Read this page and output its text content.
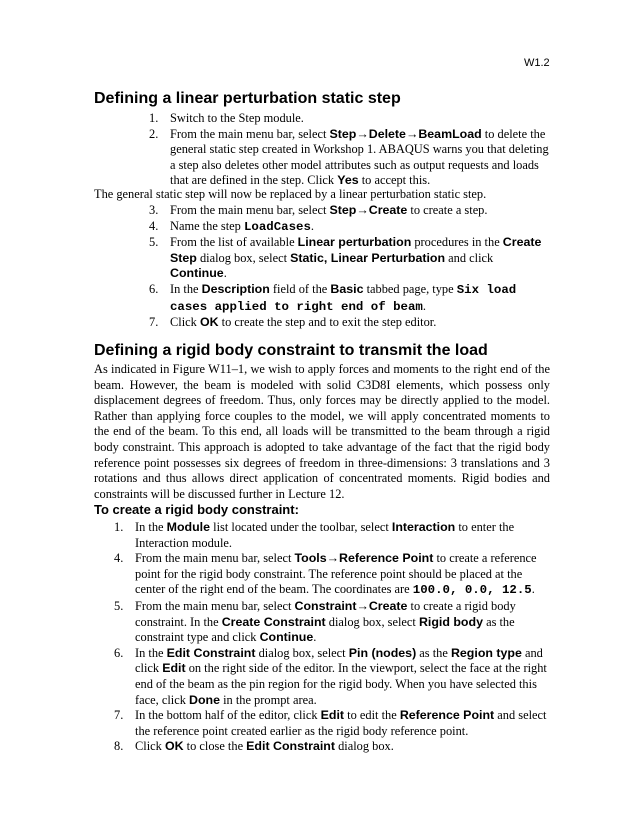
W1.2
Defining a linear perturbation static step
1. Switch to the Step module.
2. From the main menu bar, select Step→Delete→BeamLoad to delete the general static step created in Workshop 1. ABAQUS warns you that deleting a step also deletes other model attributes such as output requests and loads that are defined in the step. Click Yes to accept this.

The general static step will now be replaced by a linear perturbation static step.

3. From the main menu bar, select Step→Create to create a step.
4. Name the step LoadCases.
5. From the list of available Linear perturbation procedures in the Create Step dialog box, select Static, Linear Perturbation and click Continue.
6. In the Description field of the Basic tabbed page, type Six load cases applied to right end of beam.
7. Click OK to create the step and to exit the step editor.
Defining a rigid body constraint to transmit the load

As indicated in Figure W11–1, we wish to apply forces and moments to the right end of the beam. However, the beam is modeled with solid C3D8I elements, which possess only displacement degrees of freedom. Thus, only forces may be directly applied to the model. Rather than applying force couples to the model, we will apply concentrated moments to the end of the beam. To this end, all loads will be transmitted to the beam through a rigid body constraint. This approach is adopted to take advantage of the fact that the rigid body reference point possesses six degrees of freedom in three-dimensions: 3 translations and 3 rotations and thus allows direct application of concentrated moments. Rigid bodies and constraints will be discussed further in Lecture 12.

To create a rigid body constraint:
1. In the Module list located under the toolbar, select Interaction to enter the Interaction module.
4. From the main menu bar, select Tools→Reference Point to create a reference point for the rigid body constraint. The reference point should be placed at the center of the right end of the beam. The coordinates are 100.0, 0.0, 12.5.
5. From the main menu bar, select Constraint→Create to create a rigid body constraint. In the Create Constraint dialog box, select Rigid body as the constraint type and click Continue.
6. In the Edit Constraint dialog box, select Pin (nodes) as the Region type and click Edit on the right side of the editor. In the viewport, select the face at the right end of the beam as the pin region for the rigid body. When you have selected this face, click Done in the prompt area.
7. In the bottom half of the editor, click Edit to edit the Reference Point and select the reference point created earlier as the rigid body reference point.
8. Click OK to close the Edit Constraint dialog box.
